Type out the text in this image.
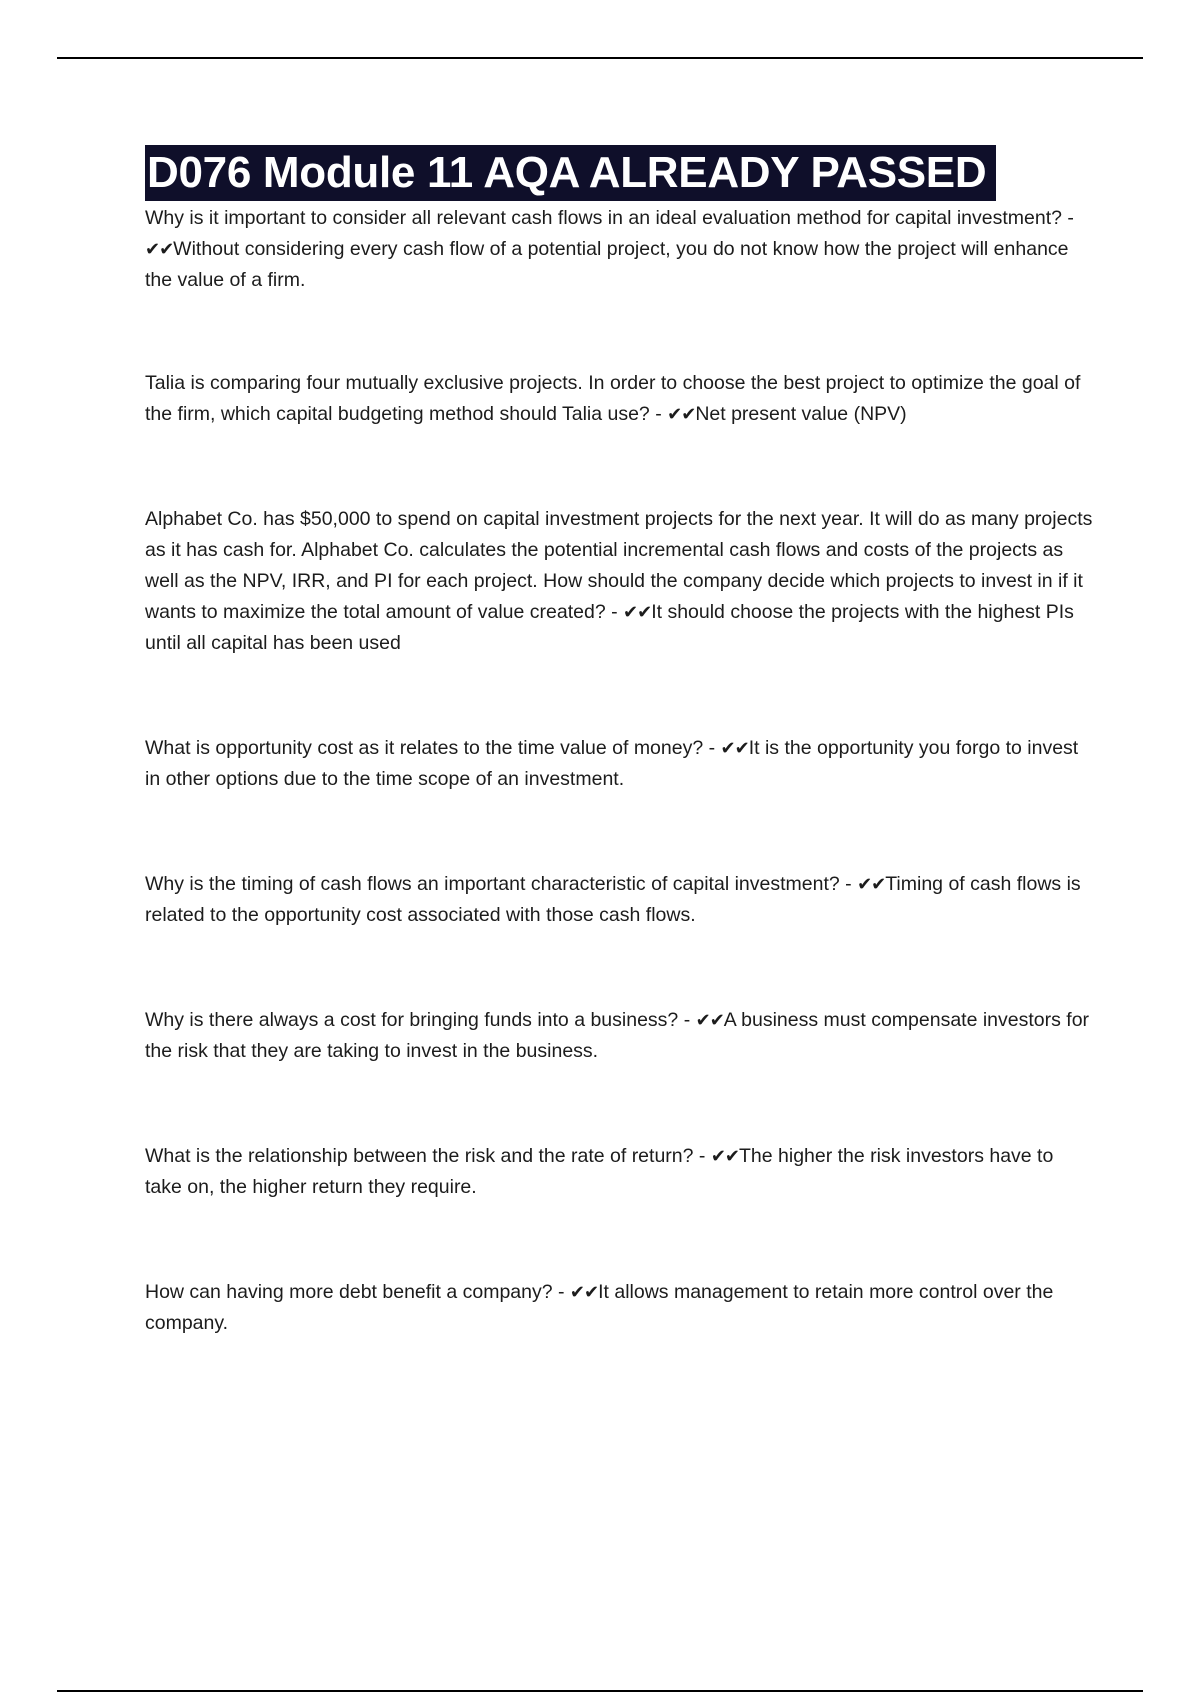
D076 Module 11 AQA ALREADY PASSED

Why is it important to consider all relevant cash flows in an ideal evaluation method for capital investment? - ✔✔Without considering every cash flow of a potential project, you do not know how the project will enhance the value of a firm.

Talia is comparing four mutually exclusive projects. In order to choose the best project to optimize the goal of the firm, which capital budgeting method should Talia use? - ✔✔Net present value (NPV)

Alphabet Co. has $50,000 to spend on capital investment projects for the next year. It will do as many projects as it has cash for. Alphabet Co. calculates the potential incremental cash flows and costs of the projects as well as the NPV, IRR, and PI for each project. How should the company decide which projects to invest in if it wants to maximize the total amount of value created? - ✔✔It should choose the projects with the highest PIs until all capital has been used

What is opportunity cost as it relates to the time value of money? - ✔✔It is the opportunity you forgo to invest in other options due to the time scope of an investment.

Why is the timing of cash flows an important characteristic of capital investment? - ✔✔Timing of cash flows is related to the opportunity cost associated with those cash flows.

Why is there always a cost for bringing funds into a business? - ✔✔A business must compensate investors for the risk that they are taking to invest in the business.

What is the relationship between the risk and the rate of return? - ✔✔The higher the risk investors have to take on, the higher return they require.

How can having more debt benefit a company? - ✔✔It allows management to retain more control over the company.
